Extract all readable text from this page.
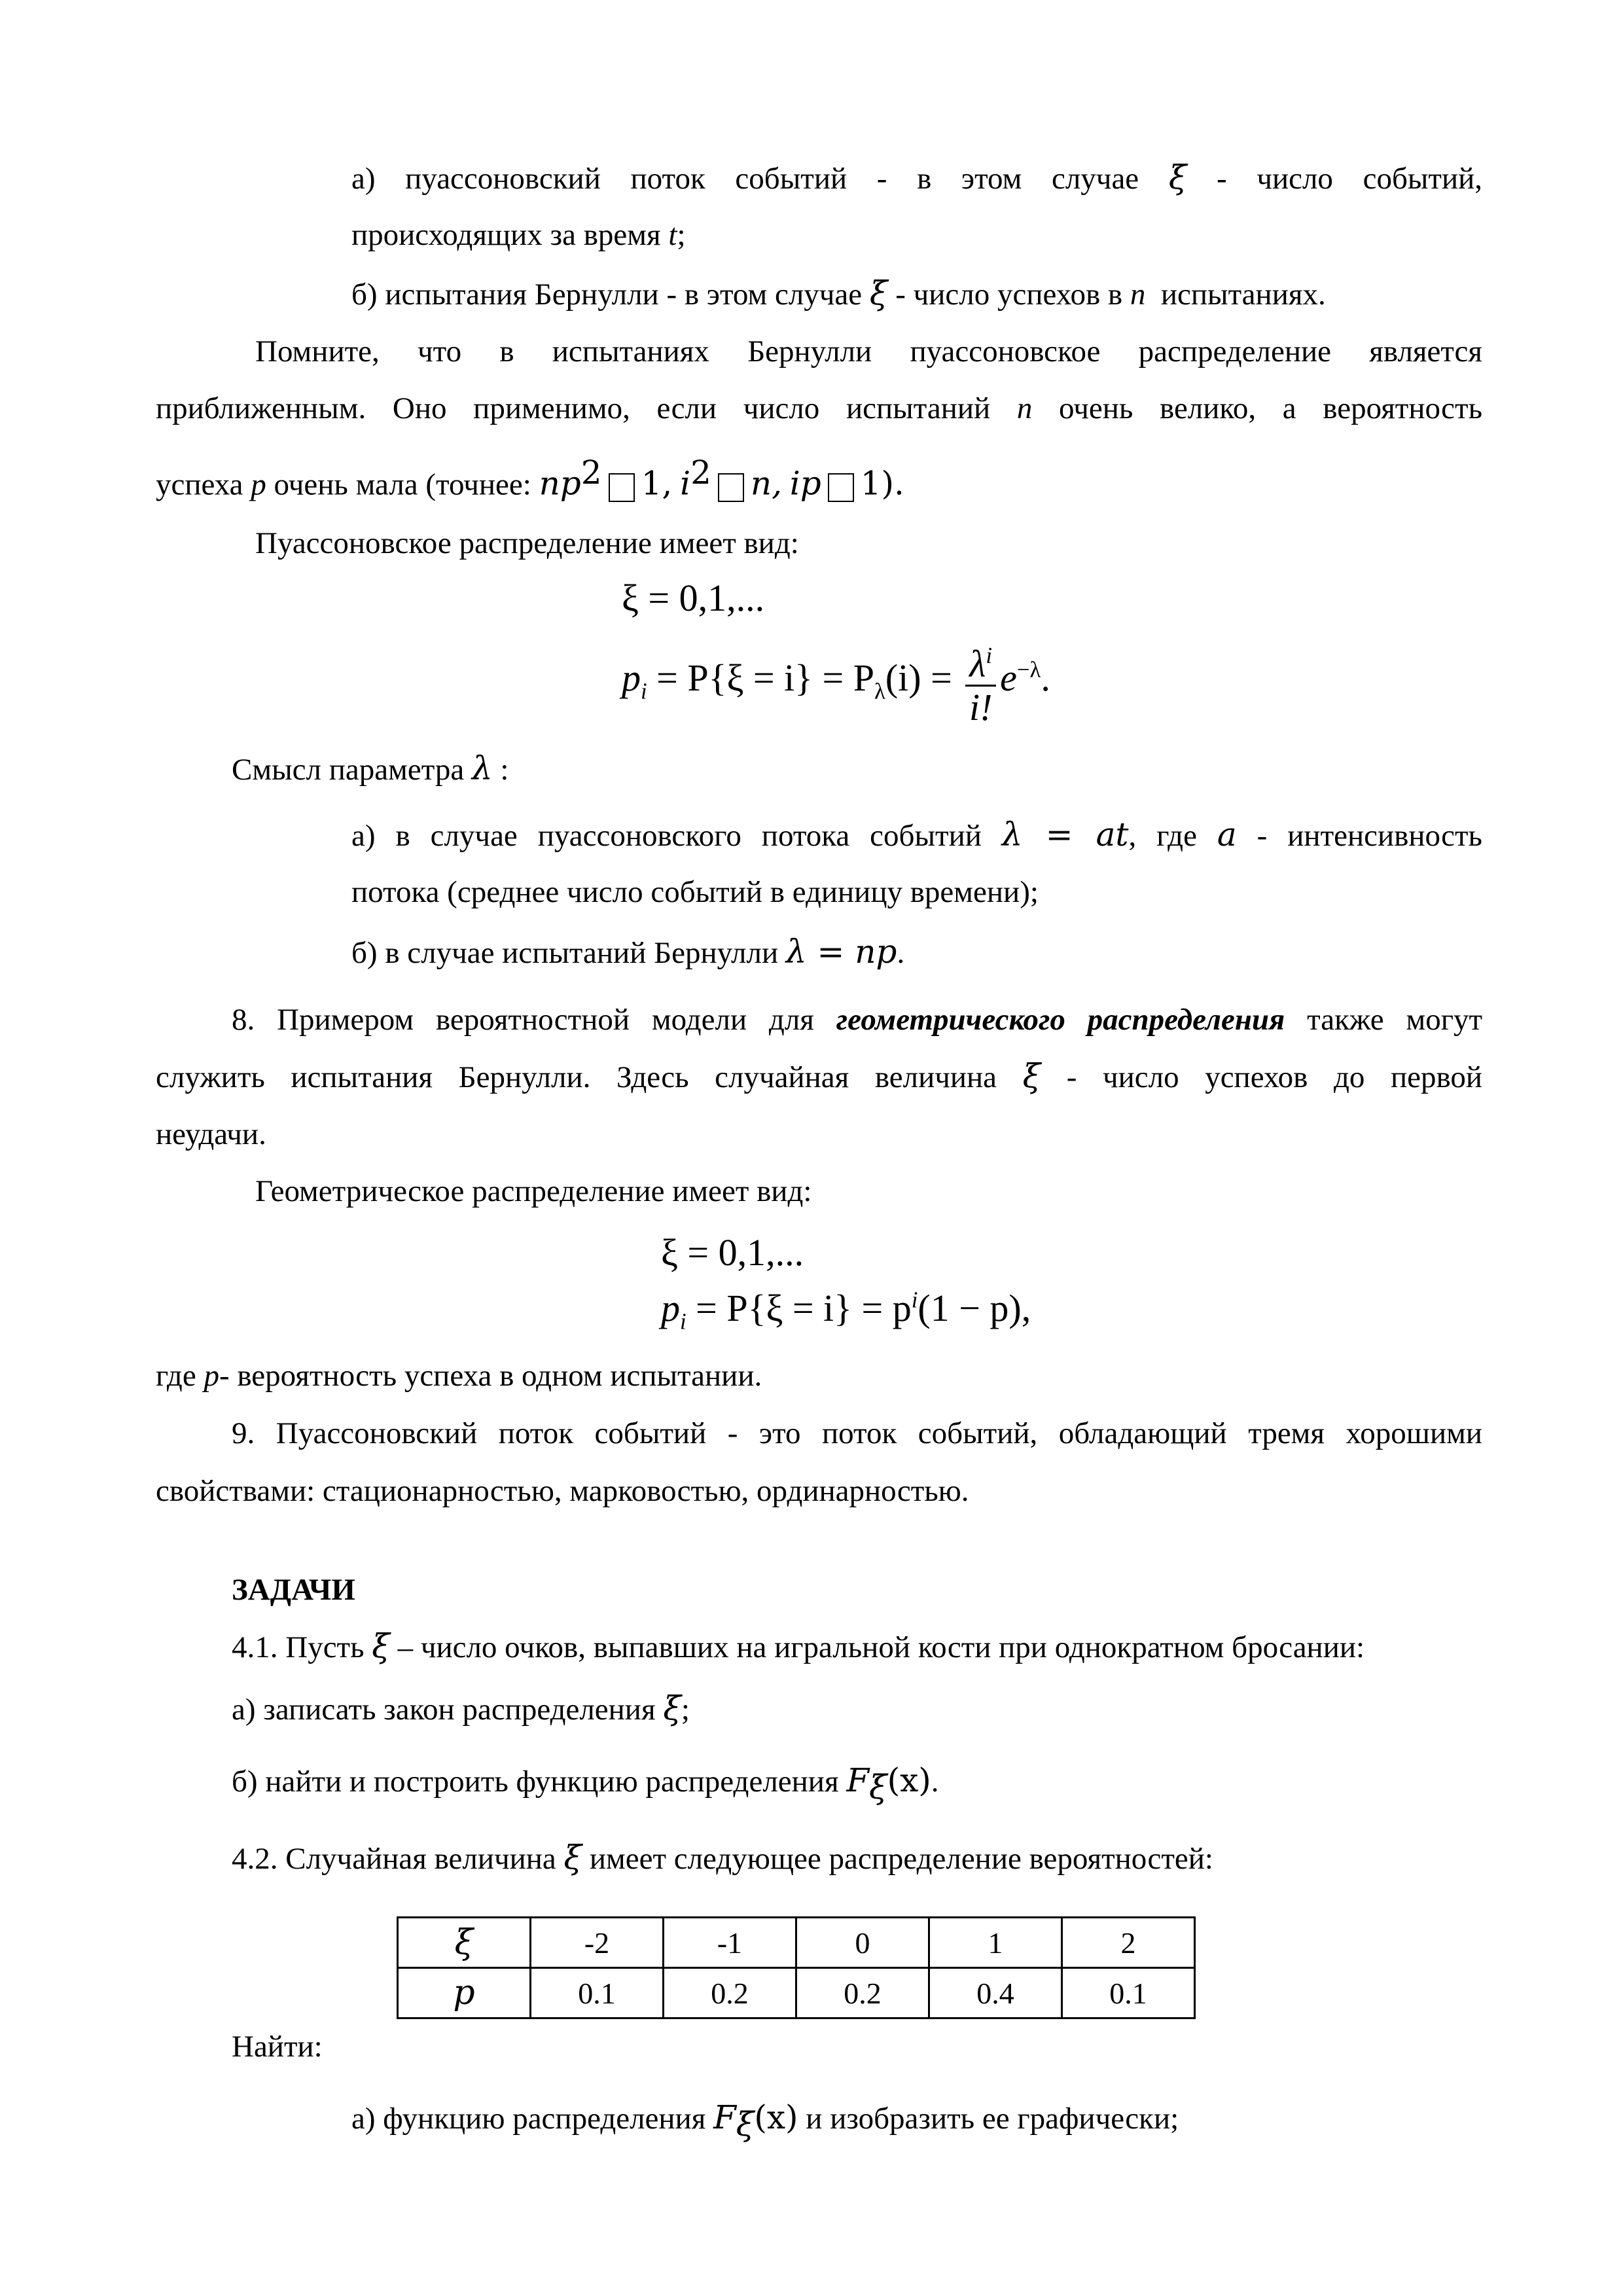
а) пуассоновский поток событий - в этом случае ξ - число событий,
происходящих за время t;
б) испытания Бернулли - в этом случае ξ - число успехов в n испытаниях.
Помните, что в испытаниях Бернулли пуассоновское распределение является
приближенным. Оно применимо, если число испытаний n очень велико, а вероятность
успеха p очень мала (точнее: $np^2$ 1, $i^2$ n, ip 1).
Пуассоновское распределение имеет вид:
ξ = 0,1,...
$p_i = P\{\xi = i\} = P_\lambda(i) = \frac{\lambda^i}{i!} e^{-\lambda}$.
Смысл параметра λ :
а) в случае пуассоновского потока событий λ = at, где a - интенсивность
потока (среднее число событий в единицу времени);
б) в случае испытаний Бернулли λ = np.
8. Примером вероятностной модели для геометрического распределения также могут
служить испытания Бернулли. Здесь случайная величина ξ - число успехов до первой
неудачи.
Геометрическое распределение имеет вид:
ξ = 0,1,...
$p_i = P\{\xi = i\} = p^i(1 - p)$,
где p- вероятность успеха в одном испытании.
9. Пуассоновский поток событий - это поток событий, обладающий тремя хорошими
свойствами: стационарностью, марковостью, ординарностью.
ЗАДАЧИ
4.1. Пусть ξ – число очков, выпавших на игральной кости при однократном бросании:
а) записать закон распределения ξ;
б) найти и построить функцию распределения $F_\xi(x)$.
4.2. Случайная величина ξ имеет следующее распределение вероятностей:
ξ	-2	-1	0	1	2
p	0.1	0.2	0.2	0.4	0.1
Найти:
а) функцию распределения $F_\xi(x)$ и изобразить ее графически;
